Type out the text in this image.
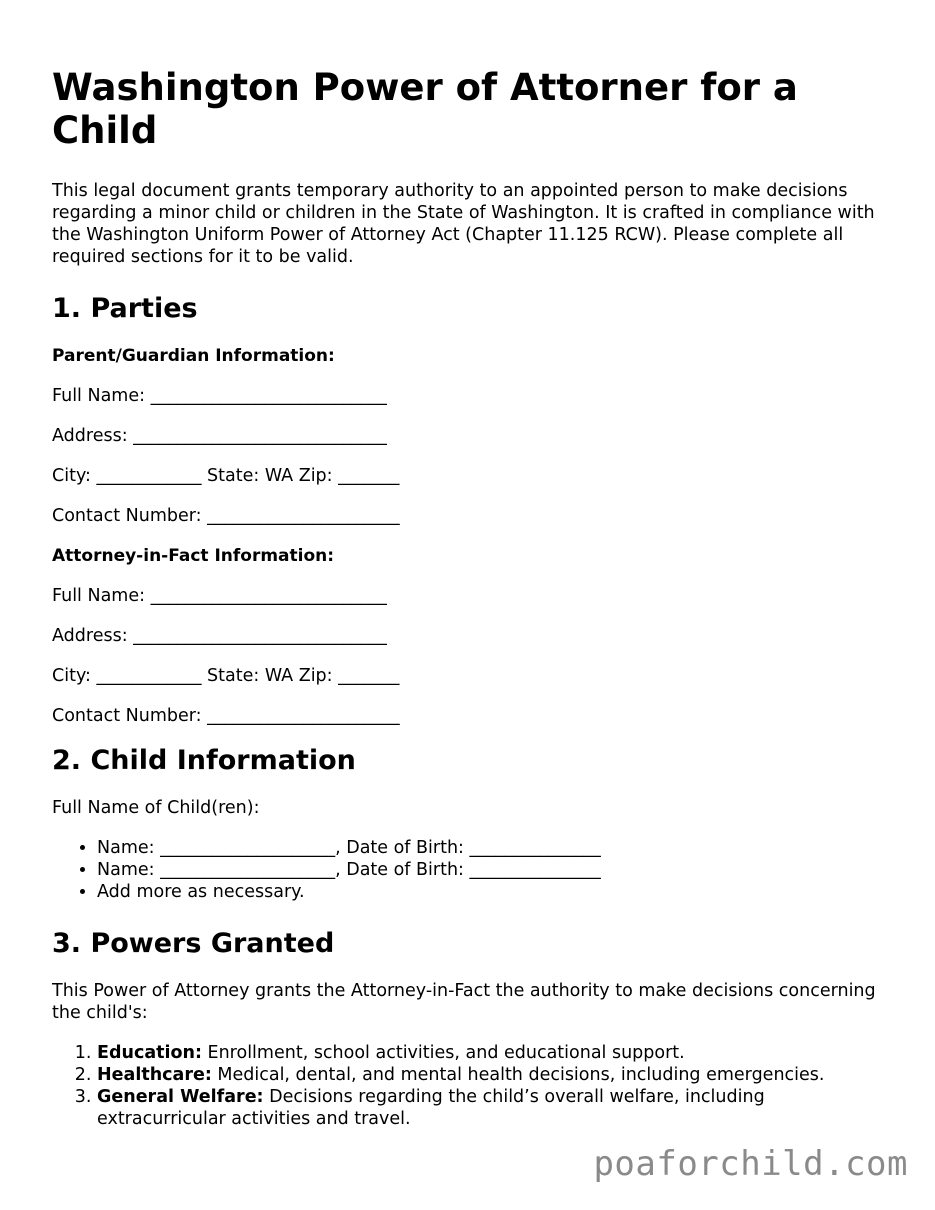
Washington Power of Attorner for a Child

This legal document grants temporary authority to an appointed person to make decisions regarding a minor child or children in the State of Washington. It is crafted in compliance with the Washington Uniform Power of Attorney Act (Chapter 11.125 RCW). Please complete all required sections for it to be valid.

1. Parties
Parent/Guardian Information:
Full Name: ___________________________
Address: _____________________________
City: ____________ State: WA Zip: _______
Contact Number: ______________________
Attorney-in-Fact Information:
Full Name: ___________________________
Address: _____________________________
City: ____________ State: WA Zip: _______
Contact Number: ______________________
2. Child Information
Full Name of Child(ren):
• Name: ____________________, Date of Birth: _______________
• Name: ____________________, Date of Birth: _______________
• Add more as necessary.
3. Powers Granted
This Power of Attorney grants the Attorney-in-Fact the authority to make decisions concerning the child's:
1. Education: Enrollment, school activities, and educational support.
2. Healthcare: Medical, dental, and mental health decisions, including emergencies.
3. General Welfare: Decisions regarding the child’s overall welfare, including extracurricular activities and travel.
poaforchild.com
